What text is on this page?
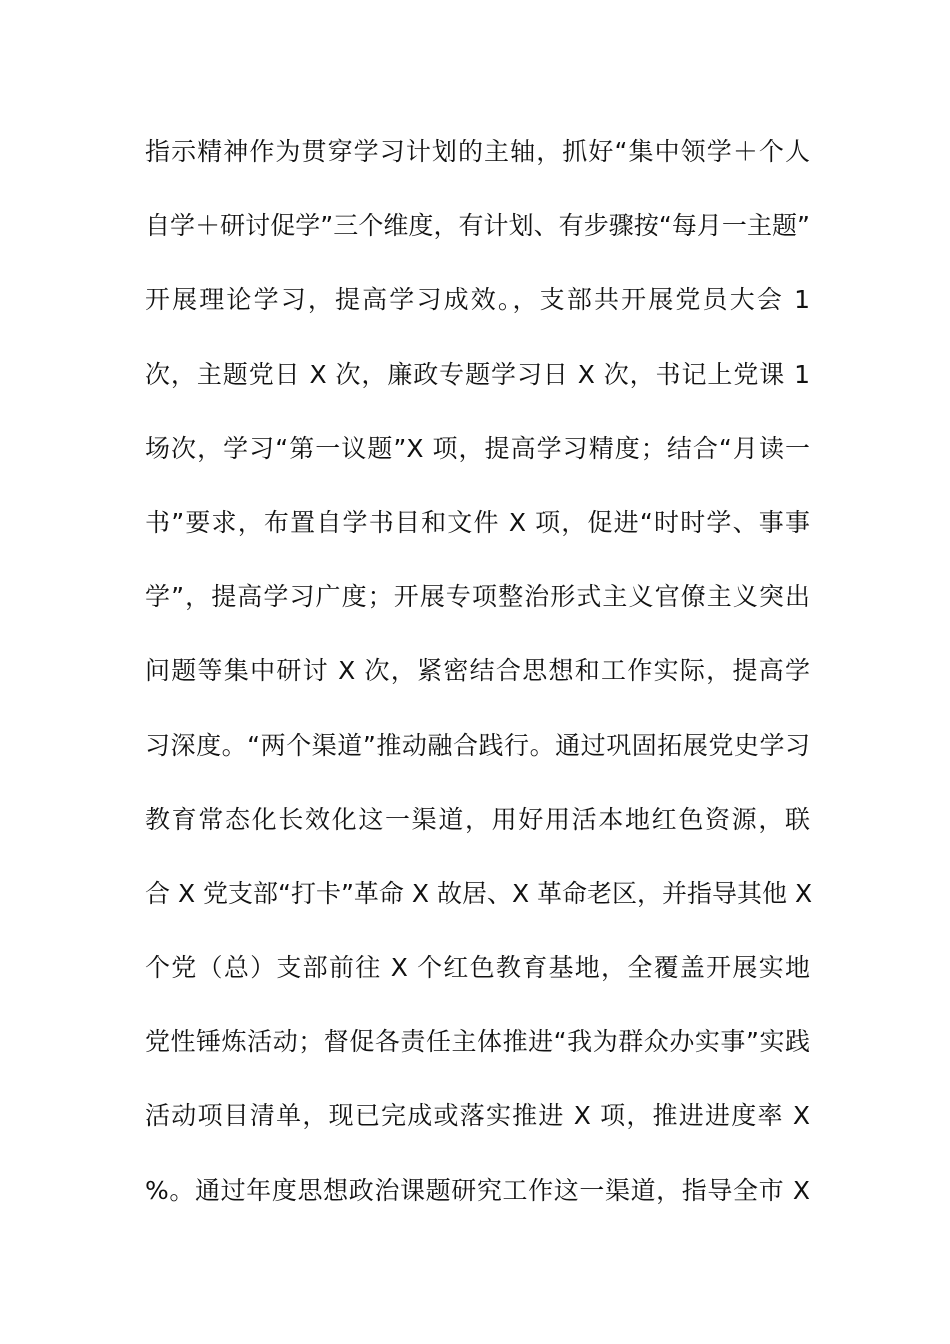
指示精神作为贯穿学习计划的主轴，抓好“集中领学＋个人
自学＋研讨促学”三个维度，有计划、有步骤按“每月一主题”
开展理论学习，提高学习成效。，支部共开展党员大会 1
次，主题党日 X 次，廉政专题学习日 X 次，书记上党课 1
场次，学习“第一议题”X 项，提高学习精度；结合“月读一
书”要求，布置自学书目和文件 X 项，促进“时时学、事事
学”，提高学习广度；开展专项整治形式主义官僚主义突出
问题等集中研讨 X 次，紧密结合思想和工作实际，提高学
习深度。“两个渠道”推动融合践行。通过巩固拓展党史学习
教育常态化长效化这一渠道，用好用活本地红色资源，联
合 X 党支部“打卡”革命 X 故居、X 革命老区，并指导其他 X
个党（总）支部前往 X 个红色教育基地，全覆盖开展实地
党性锤炼活动；督促各责任主体推进“我为群众办实事”实践
活动项目清单，现已完成或落实推进 X 项，推进进度率 X
%。通过年度思想政治课题研究工作这一渠道，指导全市 X
